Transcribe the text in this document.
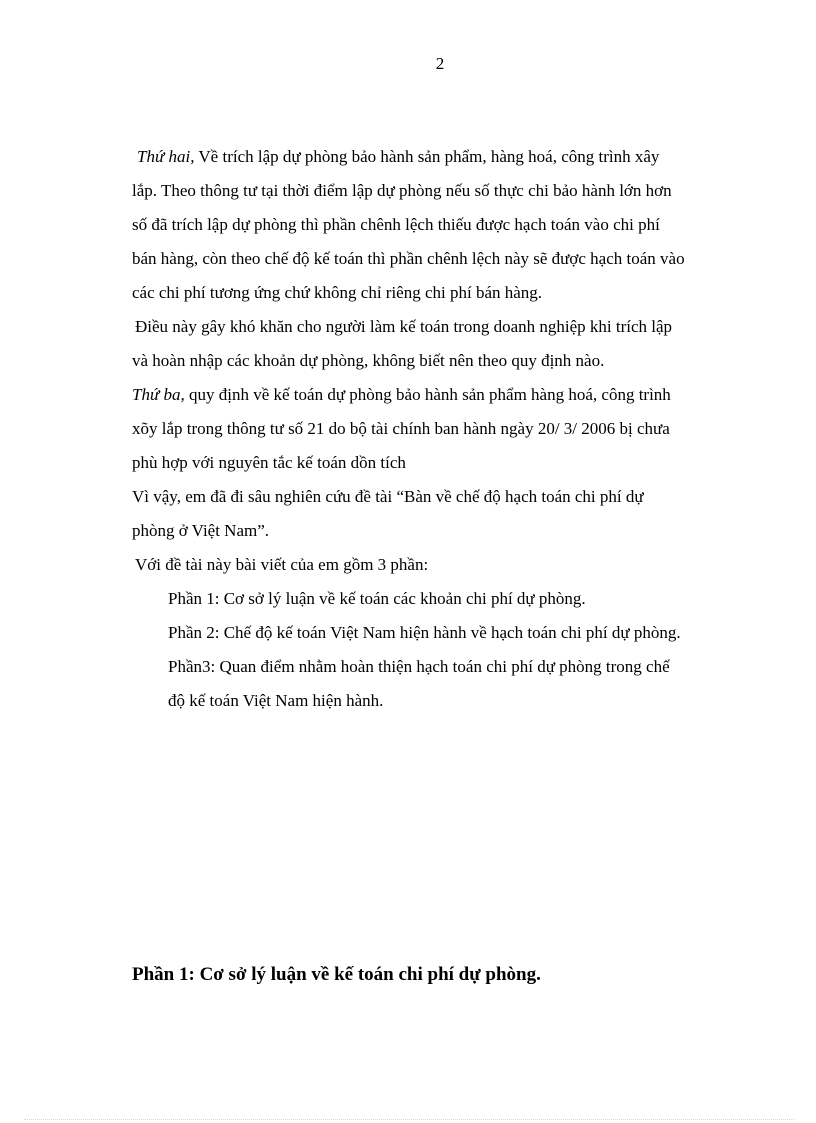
2
Thứ hai, Về trích lập dự phòng bảo hành sản phẩm, hàng hoá, công trình xây
lắp. Theo thông tư tại thời điểm lập dự phòng nếu số thực chi bảo hành lớn hơn
số đã trích lập dự phòng thì phần chênh lệch thiếu được hạch toán vào chi phí
bán hàng, còn theo chế độ kế toán thì phần chênh lệch này sẽ được hạch toán vào
các chi phí tương ứng chứ không chỉ riêng chi phí bán hàng.
Điều này gây khó khăn cho người làm kế toán trong doanh nghiệp khi trích lập
và hoàn nhập các khoản dự phòng, không biết nên theo quy định nào.
Thứ ba, quy định về kế toán dự phòng bảo hành sản phẩm hàng hoá, công trình
xõy lắp trong thông tư số 21 do bộ tài chính ban hành ngày 20/ 3/ 2006 bị chưa
phù hợp với nguyên tắc kế toán dồn tích
Vì vậy, em đã đi sâu nghiên cứu đề tài “Bàn về chế độ hạch toán chi phí dự
phòng ở Việt Nam”.
Với đề tài này bài viết của em gồm 3 phần:
Phần 1: Cơ sở lý luận về kế toán các khoản chi phí dự phòng.
Phần 2: Chế độ kế toán Việt Nam hiện hành về hạch toán chi phí dự phòng.
Phần3: Quan điểm nhằm hoàn thiện hạch toán chi phí dự phòng trong chế
độ kế toán Việt Nam hiện hành.
Phần 1: Cơ sở lý luận về kế toán chi phí dự phòng.
